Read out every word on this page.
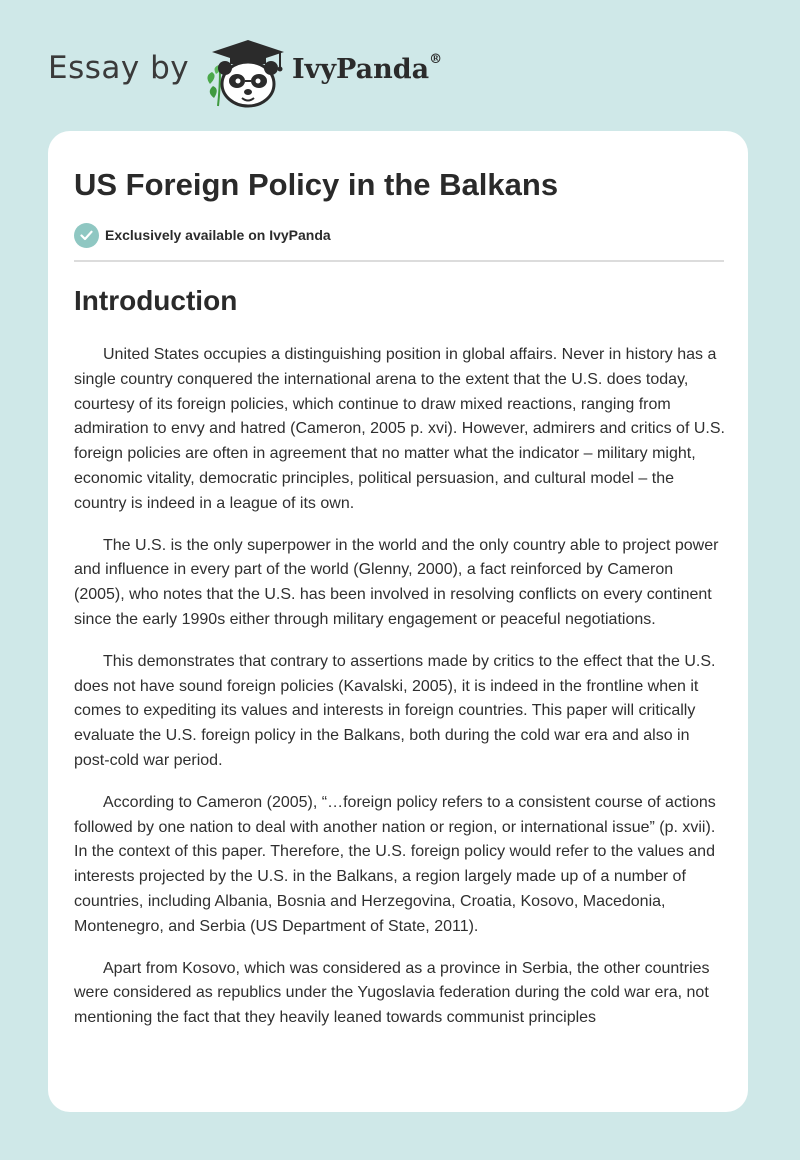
Essay by	IvyPanda®
US Foreign Policy in the Balkans
Exclusively available on IvyPanda
Introduction

United States occupies a distinguishing position in global affairs. Never in history has a single country conquered the international arena to the extent that the U.S. does today, courtesy of its foreign policies, which continue to draw mixed reactions, ranging from admiration to envy and hatred (Cameron, 2005 p. xvi). However, admirers and critics of U.S. foreign policies are often in agreement that no matter what the indicator – military might, economic vitality, democratic principles, political persuasion, and cultural model – the country is indeed in a league of its own.

The U.S. is the only superpower in the world and the only country able to project power and influence in every part of the world (Glenny, 2000), a fact reinforced by Cameron (2005), who notes that the U.S. has been involved in resolving conflicts on every continent since the early 1990s either through military engagement or peaceful negotiations.

This demonstrates that contrary to assertions made by critics to the effect that the U.S. does not have sound foreign policies (Kavalski, 2005), it is indeed in the frontline when it comes to expediting its values and interests in foreign countries. This paper will critically evaluate the U.S. foreign policy in the Balkans, both during the cold war era and also in post-cold war period.

According to Cameron (2005), “…foreign policy refers to a consistent course of actions followed by one nation to deal with another nation or region, or international issue” (p. xvii). In the context of this paper. Therefore, the U.S. foreign policy would refer to the values and interests projected by the U.S. in the Balkans, a region largely made up of a number of countries, including Albania, Bosnia and Herzegovina, Croatia, Kosovo, Macedonia, Montenegro, and Serbia (US Department of State, 2011).

Apart from Kosovo, which was considered as a province in Serbia, the other countries were considered as republics under the Yugoslavia federation during the cold war era, not mentioning the fact that they heavily leaned towards communist principles
